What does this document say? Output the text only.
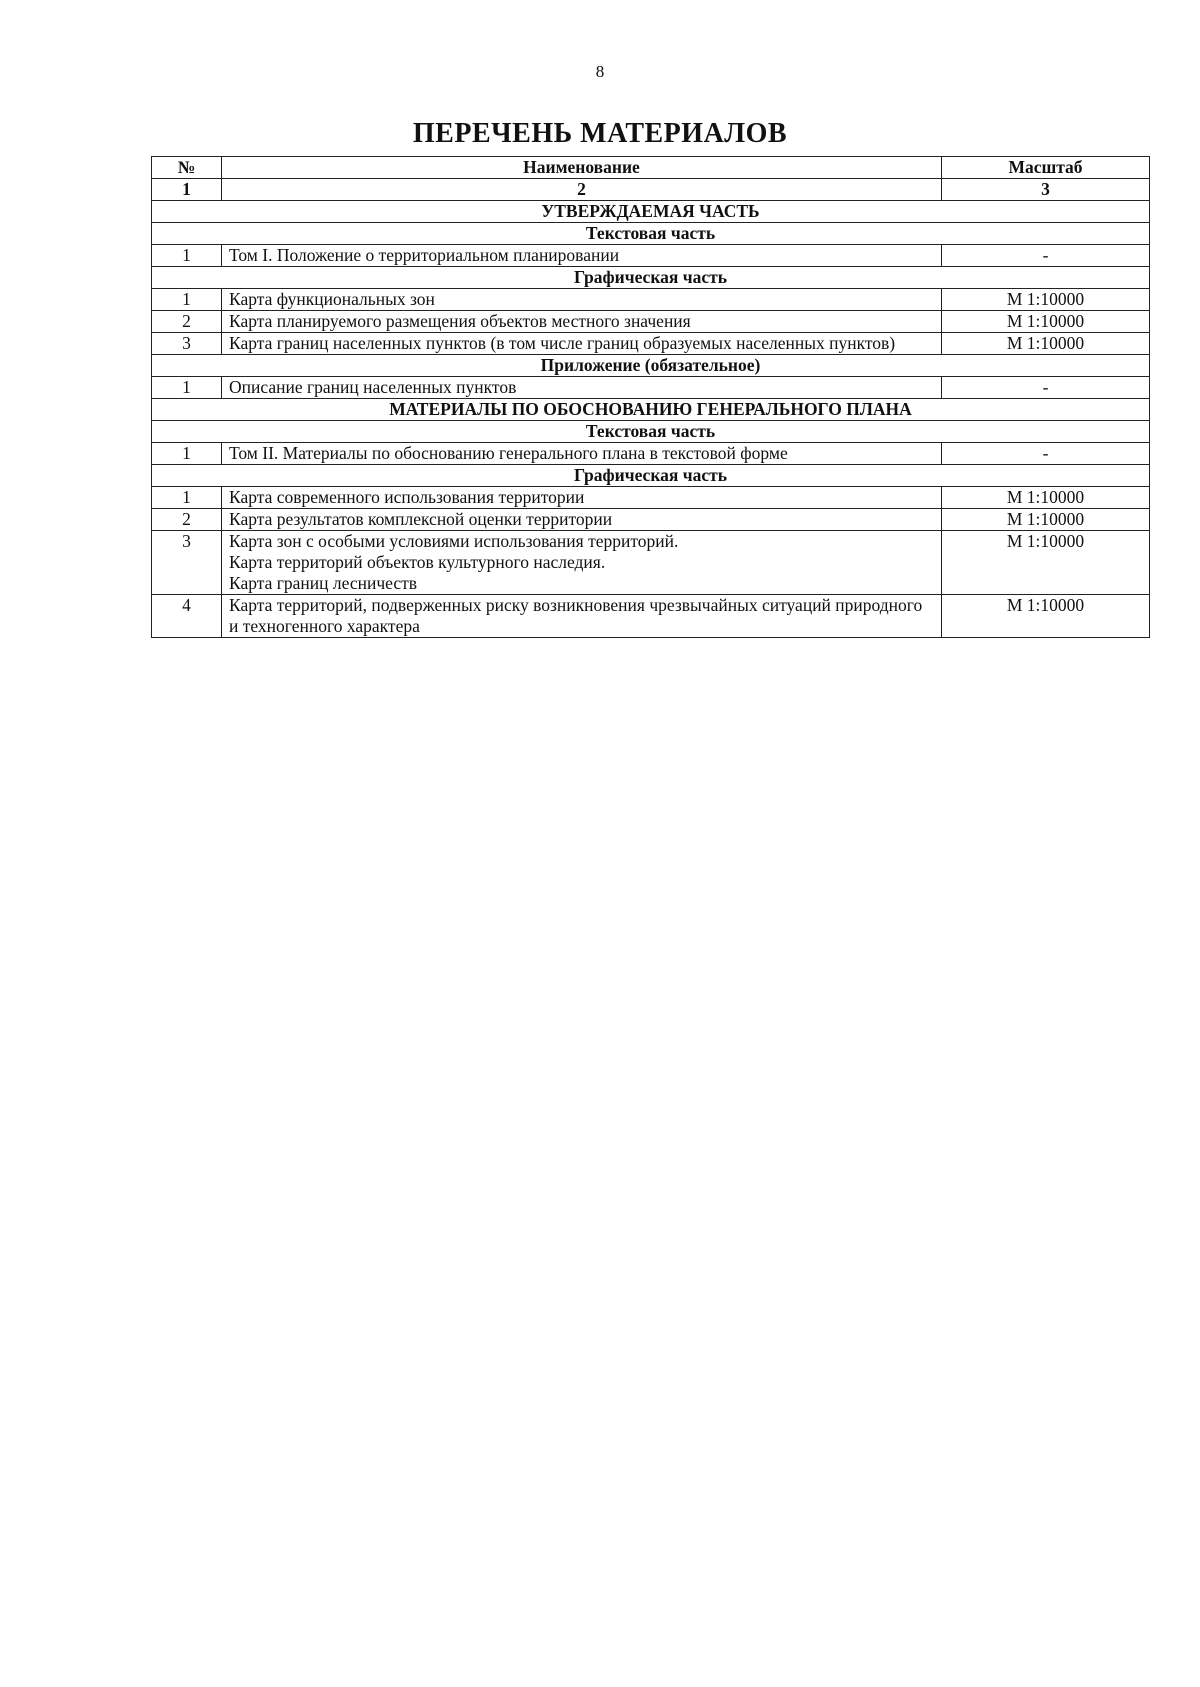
8
ПЕРЕЧЕНЬ МАТЕРИАЛОВ
№	Наименование	Масштаб
1	2	3
УТВЕРЖДАЕМАЯ ЧАСТЬ		
Текстовая часть		
1	Том I. Положение о территориальном планировании	-
Графическая часть		
1	Карта функциональных зон	М 1:10000
2	Карта планируемого размещения объектов местного значения	М 1:10000
3	Карта границ населенных пунктов (в том числе границ образуемых населенных пунктов)	М 1:10000
Приложение (обязательное)		
1	Описание границ населенных пунктов	-
МАТЕРИАЛЫ ПО ОБОСНОВАНИЮ ГЕНЕРАЛЬНОГО ПЛАНА		
Текстовая часть		
1	Том II. Материалы по обоснованию генерального плана в текстовой форме	-
Графическая часть		
1	Карта современного использования территории	М 1:10000
2	Карта результатов комплексной оценки территории	М 1:10000
3	Карта зон с особыми условиями использования территорий.
Карта территорий объектов культурного наследия.
Карта границ лесничеств	М 1:10000
4	Карта территорий, подверженных риску возникновения чрезвычайных ситуаций природного и техногенного характера	М 1:10000
